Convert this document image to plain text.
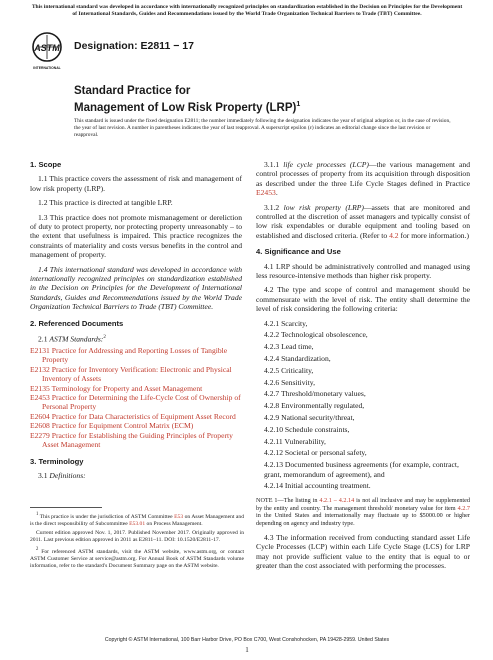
This international standard was developed in accordance with internationally recognized principles on standardization established in the Decision on Principles for the Development of International Standards, Guides and Recommendations issued by the World Trade Organization Technical Barriers to Trade (TBT) Committee.
ASTM
INTERNATIONAL
Designation: E2811 − 17
Standard Practice for
Management of Low Risk Property (LRP)$^1$
This standard is issued under the fixed designation E2811; the number immediately following the designation indicates the year of original adoption or, in the case of revision, the year of last revision. A number in parentheses indicates the year of last reapproval. A superscript epsilon (ε) indicates an editorial change since the last revision or reapproval.
1. Scope
1.1 This practice covers the assessment of risk and management of low risk property (LRP).
1.2 This practice is directed at tangible LRP.
1.3 This practice does not promote mismanagement or dereliction of duty to protect property, nor protecting property unreasonably – to the extent that usefulness is impaired. This practice recognizes the constraints of materiality and costs versus benefits in the control and management of property.
1.4 This international standard was developed in accordance with internationally recognized principles on standardization established in the Decision on Principles for the Development of International Standards, Guides and Recommendations issued by the World Trade Organization Technical Barriers to Trade (TBT) Committee.
2. Referenced Documents
2.1 ASTM Standards:$^2$
E2131 Practice for Addressing and Reporting Losses of Tangible Property
E2132 Practice for Inventory Verification: Electronic and Physical Inventory of Assets
E2135 Terminology for Property and Asset Management
E2453 Practice for Determining the Life-Cycle Cost of Ownership of Personal Property
E2604 Practice for Data Characteristics of Equipment Asset Record
E2608 Practice for Equipment Control Matrix (ECM)
E2279 Practice for Establishing the Guiding Principles of Property Asset Management
3. Terminology
3.1 Definitions:

$^1$ This practice is under the jurisdiction of ASTM Committee E53 on Asset Management and is the direct responsibility of Subcommittee E53.01 on Process Management.

Current edition approved Nov. 1, 2017. Published November 2017. Originally approved in 2011. Last previous edition approved in 2011 as E2811–11. DOI: 10.1520/E2811-17.

$^2$ For referenced ASTM standards, visit the ASTM website, www.astm.org, or contact ASTM Customer Service at service@astm.org. For Annual Book of ASTM Standards volume information, refer to the standard's Document Summary page on the ASTM website.

3.1.1 life cycle processes (LCP)—the various management and control processes of property from its acquisition through disposition as described under the three Life Cycle Stages defined in Practice E2453.
3.1.2 low risk property (LRP)—assets that are monitored and controlled at the discretion of asset managers and typically consist of low risk expendables or durable equipment and tooling based on established and disclosed criteria. (Refer to 4.2 for more information.)
4. Significance and Use
4.1 LRP should be administratively controlled and managed using less resource-intensive methods than higher risk property.
4.2 The type and scope of control and management should be commensurate with the level of risk. The entity shall determine the level of risk considering the following criteria:
4.2.1 Scarcity,
4.2.2 Technological obsolescence,
4.2.3 Lead time,
4.2.4 Standardization,
4.2.5 Criticality,
4.2.6 Sensitivity,
4.2.7 Threshold/monetary values,
4.2.8 Environmentally regulated,
4.2.9 National security/threat,
4.2.10 Schedule constraints,
4.2.11 Vulnerability,
4.2.12 Societal or personal safety,
4.2.13 Documented business agreements (for example, contract, grant, memorandum of agreement), and
4.2.14 Initial accounting treatment.
NOTE 1—The listing in 4.2.1 – 4.2.14 is not all inclusive and may be supplemented by the entity and country. The management threshold/ monetary value for item 4.2.7 in the United States and internationally may fluctuate up to $5000.00 or higher depending on agency and industry type.
4.3 The information received from conducting standard asset Life Cycle Processes (LCP) within each Life Cycle Stage (LCS) for LRP may not provide sufficient value to the entity that is equal to or greater than the cost associated with performing the processes.
Copyright © ASTM International, 100 Barr Harbor Drive, PO Box C700, West Conshohocken, PA 19428-2959. United States
1
